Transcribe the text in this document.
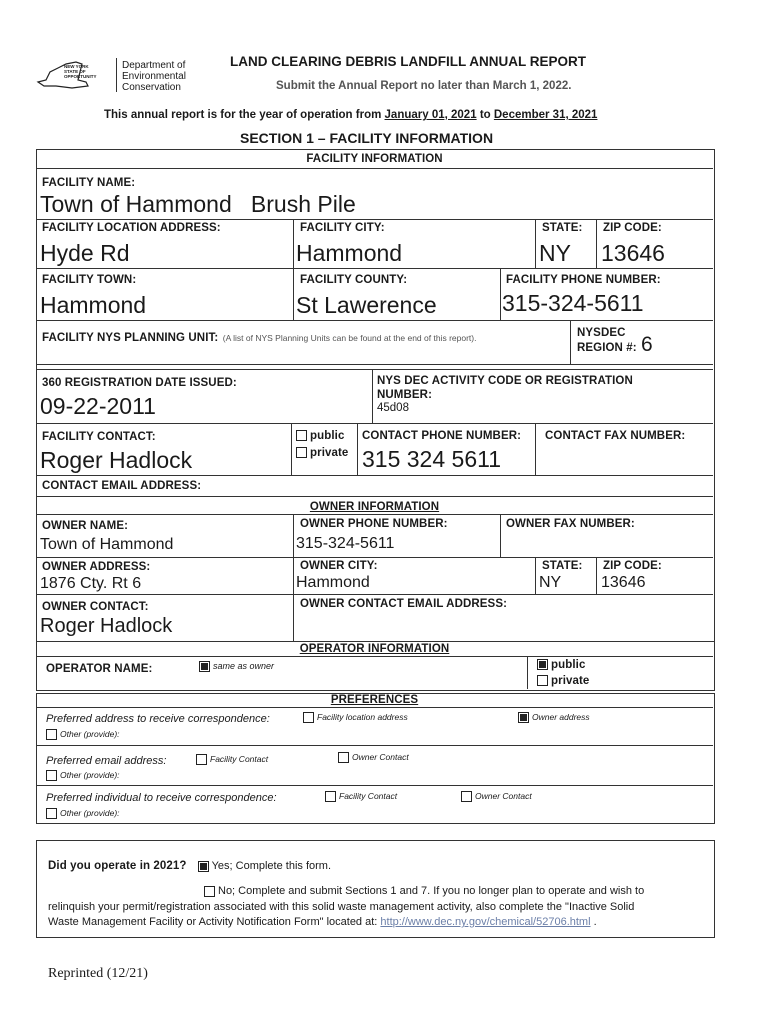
NEW YORK STATE OF OPPORTUNITY
Department of
Environmental
Conservation
LAND CLEARING DEBRIS LANDFILL ANNUAL REPORT
Submit the Annual Report no later than March 1, 2022.
This annual report is for the year of operation from January 01, 2021 to December 31, 2021
SECTION 1 – FACILITY INFORMATION
FACILITY INFORMATION
FACILITY NAME:
Town of Hammond   Brush Pile
FACILITY LOCATION ADDRESS:
Hyde Rd
FACILITY CITY:
Hammond
STATE:
NY
ZIP CODE:
13646
FACILITY TOWN:
Hammond
FACILITY COUNTY:
St Lawerence
FACILITY PHONE NUMBER:
315-324-5611
FACILITY NYS PLANNING UNIT: (A list of NYS Planning Units can be found at the end of this report).	NYSDEC
REGION #: 6
360 REGISTRATION DATE ISSUED:
09-22-2011
NYS DEC ACTIVITY CODE OR REGISTRATION
NUMBER:
45d08
FACILITY CONTACT:
Roger Hadlock
public
private
CONTACT PHONE NUMBER:
315 324 5611
CONTACT FAX NUMBER:
CONTACT EMAIL ADDRESS:
OWNER INFORMATION
OWNER NAME:
Town of Hammond
OWNER PHONE NUMBER:
315-324-5611
OWNER FAX NUMBER:
OWNER ADDRESS:
1876 Cty. Rt 6
OWNER CITY:
Hammond
STATE:
NY
ZIP CODE:
13646
OWNER CONTACT:
Roger Hadlock
OWNER CONTACT EMAIL ADDRESS:
OPERATOR INFORMATION
OPERATOR NAME:	same as owner	public
private
PREFERENCES
Preferred address to receive correspondence:	Facility location address	Owner address
Other (provide):
Preferred email address:	Facility Contact	Owner Contact
Other (provide):
Preferred individual to receive correspondence:	Facility Contact	Owner Contact
Other (provide):
Did you operate in 2021? Yes; Complete this form.
No; Complete and submit Sections 1 and 7. If you no longer plan to operate and wish to
relinquish your permit/registration associated with this solid waste management activity, also complete the "Inactive Solid
Waste Management Facility or Activity Notification Form" located at: http://www.dec.ny.gov/chemical/52706.html .
Reprinted (12/21)
